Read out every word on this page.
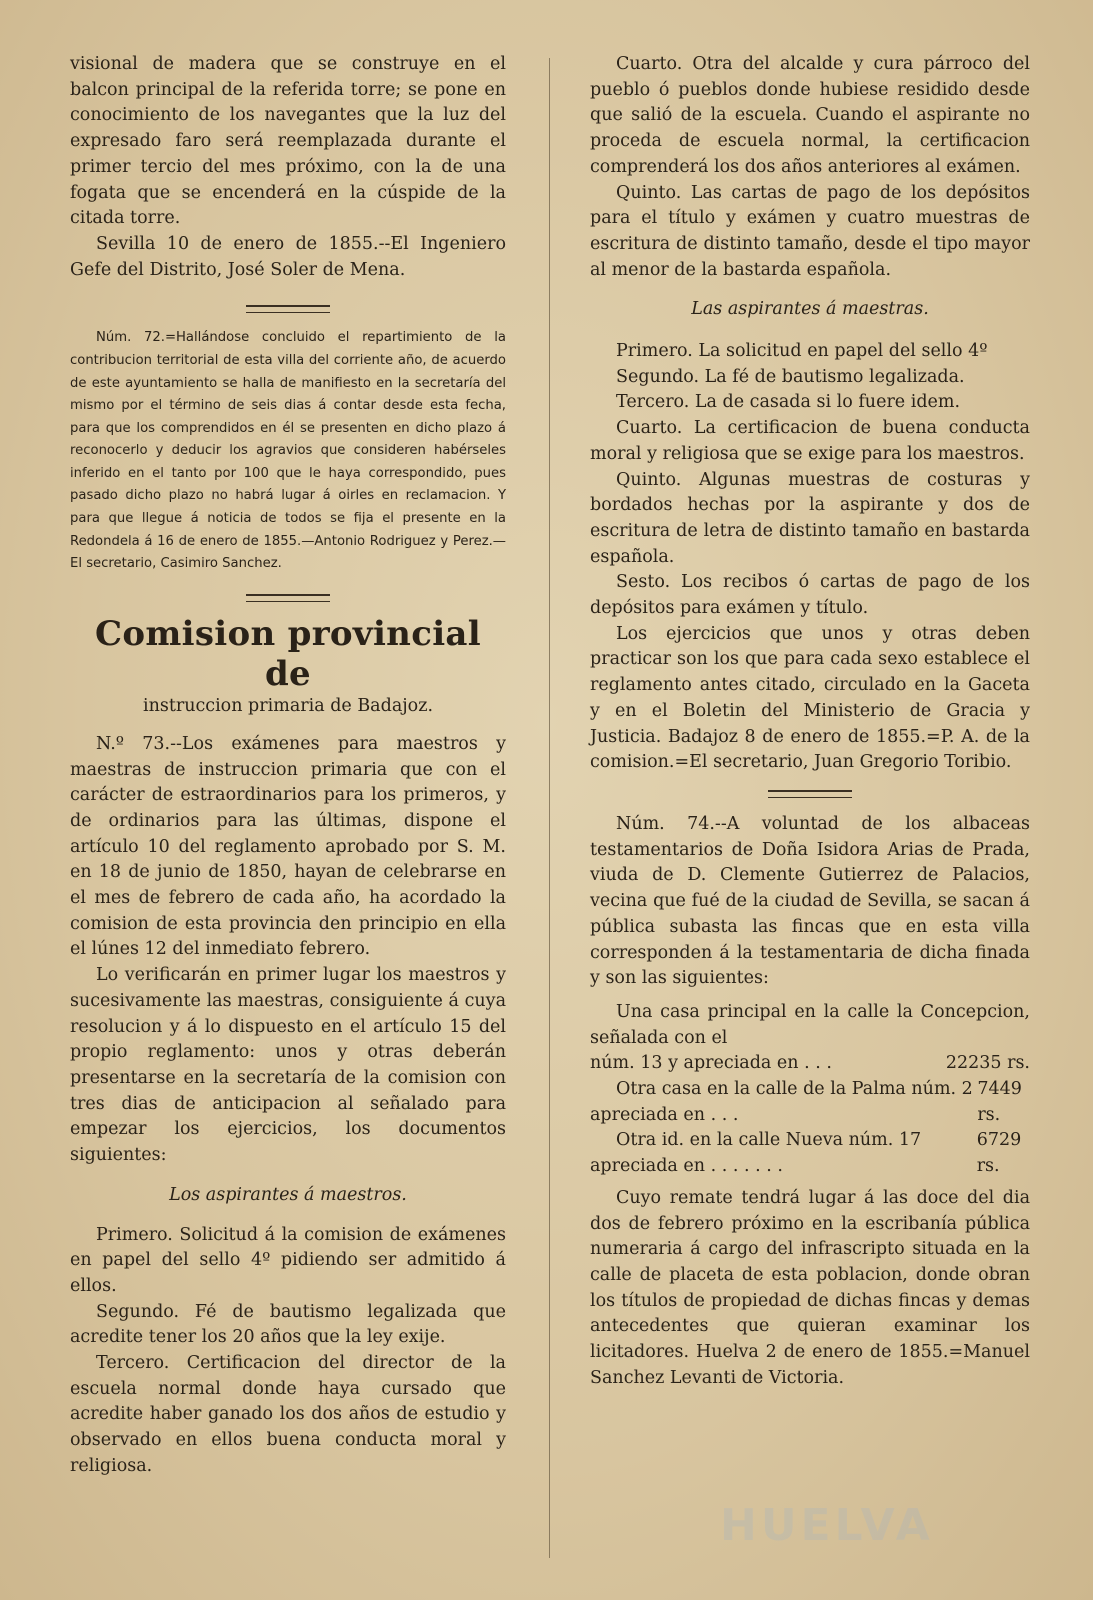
visional de madera que se construye en el balcon principal de la referida torre; se pone en conocimiento de los navegantes que la luz del expresado faro será reemplazada durante el primer tercio del mes próximo, con la de una fogata que se encenderá en la cúspide de la citada torre.

Sevilla 10 de enero de 1855.--El Ingeniero Gefe del Distrito, José Soler de Mena.

Núm. 72.=Hallándose concluido el repartimiento de la contribucion territorial de esta villa del corriente año, de acuerdo de este ayuntamiento se halla de manifiesto en la secretaría del mismo por el término de seis dias á contar desde esta fecha, para que los comprendidos en él se presenten en dicho plazo á reconocerlo y deducir los agravios que consideren habérseles inferido en el tanto por 100 que le haya correspondido, pues pasado dicho plazo no habrá lugar á oirles en reclamacion. Y para que llegue á noticia de todos se fija el presente en la Redondela á 16 de enero de 1855.—Antonio Rodriguez y Perez.—El secretario, Casimiro Sanchez.

Comision provincial de
instruccion primaria de Badajoz.

N.º 73.--Los exámenes para maestros y maestras de instruccion primaria que con el carácter de estraordinarios para los primeros, y de ordinarios para las últimas, dispone el artículo 10 del reglamento aprobado por S. M. en 18 de junio de 1850, hayan de celebrarse en el mes de febrero de cada año, ha acordado la comision de esta provincia den principio en ella el lúnes 12 del inmediato febrero.

Lo verificarán en primer lugar los maestros y sucesivamente las maestras, consiguiente á cuya resolucion y á lo dispuesto en el artículo 15 del propio reglamento: unos y otras deberán presentarse en la secretaría de la comision con tres dias de anticipacion al señalado para empezar los ejercicios, los documentos siguientes:

Los aspirantes á maestros.

Primero. Solicitud á la comision de exámenes en papel del sello 4º pidiendo ser admitido á ellos.

Segundo. Fé de bautismo legalizada que acredite tener los 20 años que la ley exije.

Tercero. Certificacion del director de la escuela normal donde haya cursado que acredite haber ganado los dos años de estudio y observado en ellos buena conducta moral y religiosa.

Cuarto. Otra del alcalde y cura párroco del pueblo ó pueblos donde hubiese residido desde que salió de la escuela. Cuando el aspirante no proceda de escuela normal, la certificacion comprenderá los dos años anteriores al exámen.

Quinto. Las cartas de pago de los depósitos para el título y exámen y cuatro muestras de escritura de distinto tamaño, desde el tipo mayor al menor de la bastarda española.

Las aspirantes á maestras.

Primero. La solicitud en papel del sello 4º

Segundo. La fé de bautismo legalizada.

Tercero. La de casada si lo fuere idem.

Cuarto. La certificacion de buena conducta moral y religiosa que se exige para los maestros.

Quinto. Algunas muestras de costuras y bordados hechas por la aspirante y dos de escritura de letra de distinto tamaño en bastarda española.

Sesto. Los recibos ó cartas de pago de los depósitos para exámen y título.

Los ejercicios que unos y otras deben practicar son los que para cada sexo establece el reglamento antes citado, circulado en la Gaceta y en el Boletin del Ministerio de Gracia y Justicia. Badajoz 8 de enero de 1855.=P. A. de la comision.=El secretario, Juan Gregorio Toribio.

Núm. 74.--A voluntad de los albaceas testamentarios de Doña Isidora Arias de Prada, viuda de D. Clemente Gutierrez de Palacios, vecina que fué de la ciudad de Sevilla, se sacan á pública subasta las fincas que en esta villa corresponden á la testamentaria de dicha finada y son las siguientes:

Una casa principal en la calle la Concepcion, señalada con el

núm. 13 y apreciada en . . .	22235 rs.
Otra casa en la calle de la Palma núm. 2 apreciada en . . .
7449 rs.
Otra id. en la calle Nueva núm. 17 apreciada en . . . . . . .
6729 rs.

Cuyo remate tendrá lugar á las doce del dia dos de febrero próximo en la escribanía pública numeraria á cargo del infrascripto situada en la calle de placeta de esta poblacion, donde obran los títulos de propiedad de dichas fincas y demas antecedentes que quieran examinar los licitadores. Huelva 2 de enero de 1855.=Manuel Sanchez Levanti de Victoria.

HUELVA
